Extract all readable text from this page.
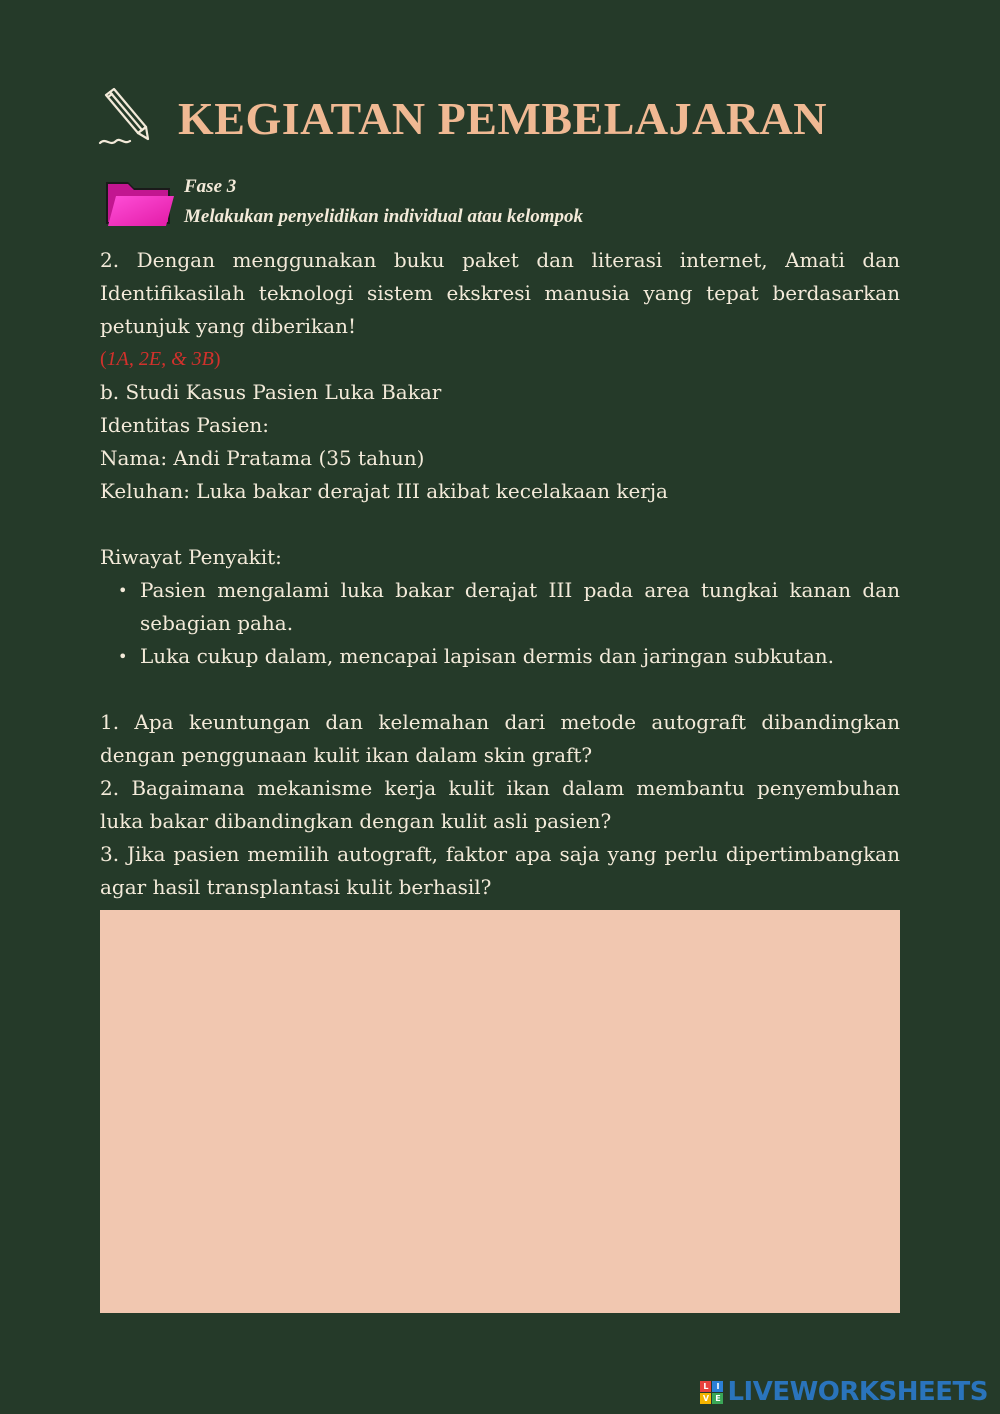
KEGIATAN PEMBELAJARAN
Fase 3
Melakukan penyelidikan individual atau kelompok

2. Dengan menggunakan buku paket dan literasi internet, Amati dan Identifikasilah teknologi sistem ekskresi manusia yang tepat berdasarkan petunjuk yang diberikan!

(1A, 2E, & 3B)

b. Studi Kasus Pasien Luka Bakar

Identitas Pasien:

Nama: Andi Pratama (35 tahun)

Keluhan: Luka bakar derajat III akibat kecelakaan kerja

Riwayat Penyakit:

• Pasien mengalami luka bakar derajat III pada area tungkai kanan dan sebagian paha.
• Luka cukup dalam, mencapai lapisan dermis dan jaringan subkutan.

1. Apa keuntungan dan kelemahan dari metode autograft dibandingkan dengan penggunaan kulit ikan dalam skin graft?

2. Bagaimana mekanisme kerja kulit ikan dalam membantu penyembuhan luka bakar dibandingkan dengan kulit asli pasien?

3. Jika pasien memilih autograft, faktor apa saja yang perlu dipertimbangkan agar hasil transplantasi kulit berhasil?

L I
V E LIVEWORKSHEETS
